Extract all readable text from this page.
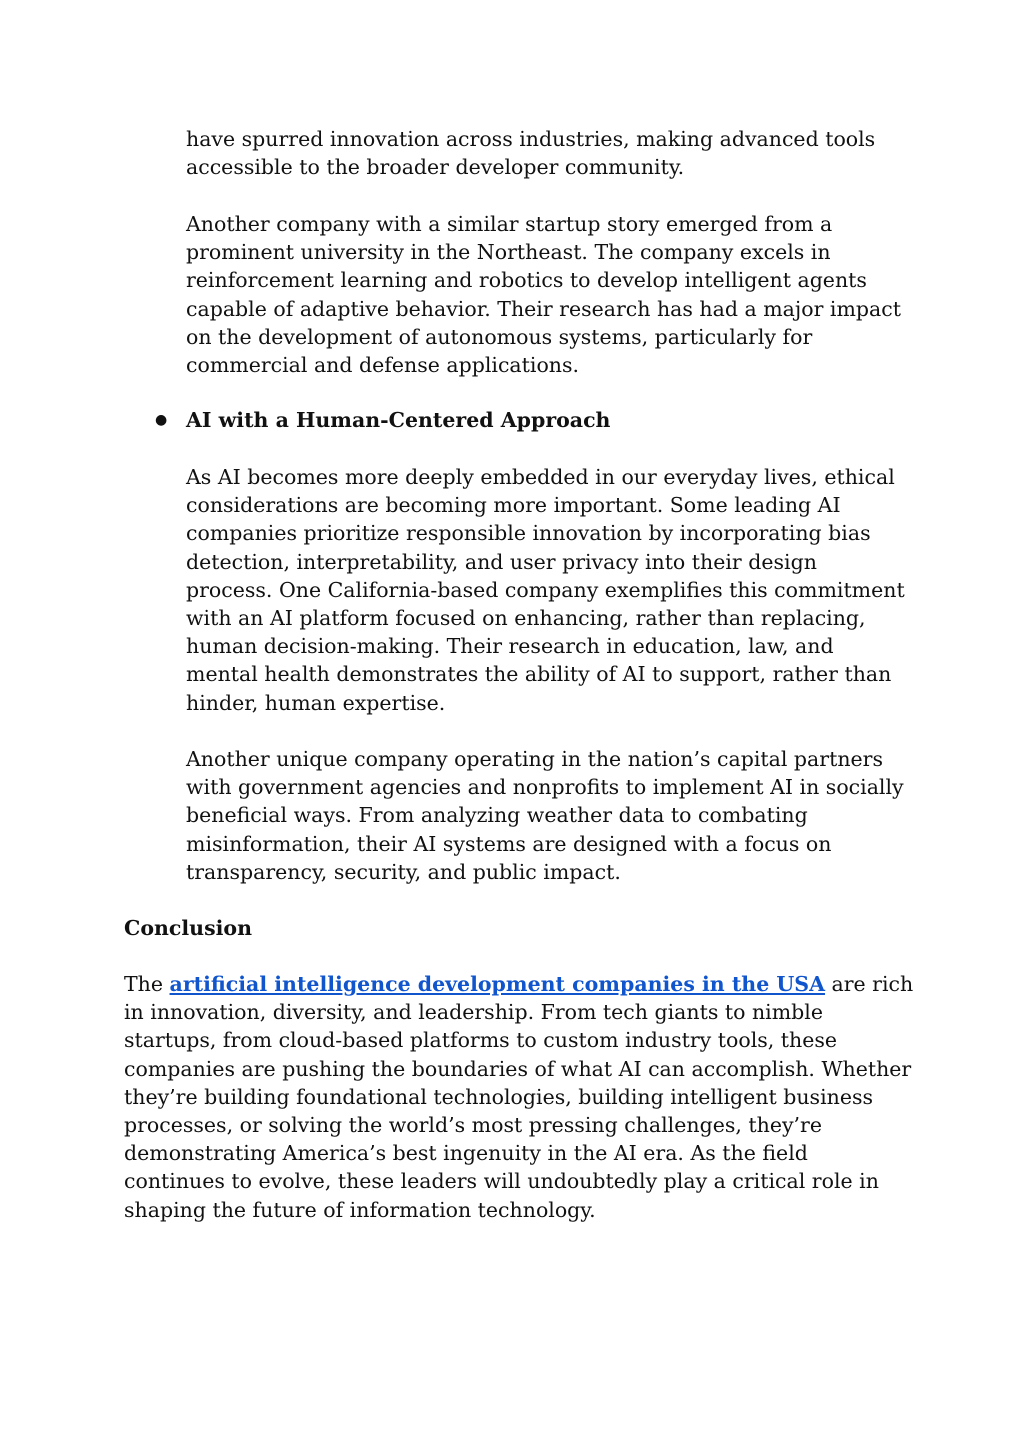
have spurred innovation across industries, making advanced tools accessible to the broader developer community.

Another company with a similar startup story emerged from a prominent university in the Northeast. The company excels in reinforcement learning and robotics to develop intelligent agents capable of adaptive behavior. Their research has had a major impact on the development of autonomous systems, particularly for commercial and defense applications.

● AI with a Human-Centered Approach

As AI becomes more deeply embedded in our everyday lives, ethical considerations are becoming more important. Some leading AI companies prioritize responsible innovation by incorporating bias detection, interpretability, and user privacy into their design process. One California-based company exemplifies this commitment with an AI platform focused on enhancing, rather than replacing, human decision-making. Their research in education, law, and mental health demonstrates the ability of AI to support, rather than hinder, human expertise.

Another unique company operating in the nation’s capital partners with government agencies and nonprofits to implement AI in socially beneficial ways. From analyzing weather data to combating misinformation, their AI systems are designed with a focus on transparency, security, and public impact.

Conclusion

The artificial intelligence development companies in the USA are rich in innovation, diversity, and leadership. From tech giants to nimble startups, from cloud-based platforms to custom industry tools, these companies are pushing the boundaries of what AI can accomplish. Whether they’re building foundational technologies, building intelligent business processes, or solving the world’s most pressing challenges, they’re demonstrating America’s best ingenuity in the AI era. As the field continues to evolve, these leaders will undoubtedly play a critical role in shaping the future of information technology.
